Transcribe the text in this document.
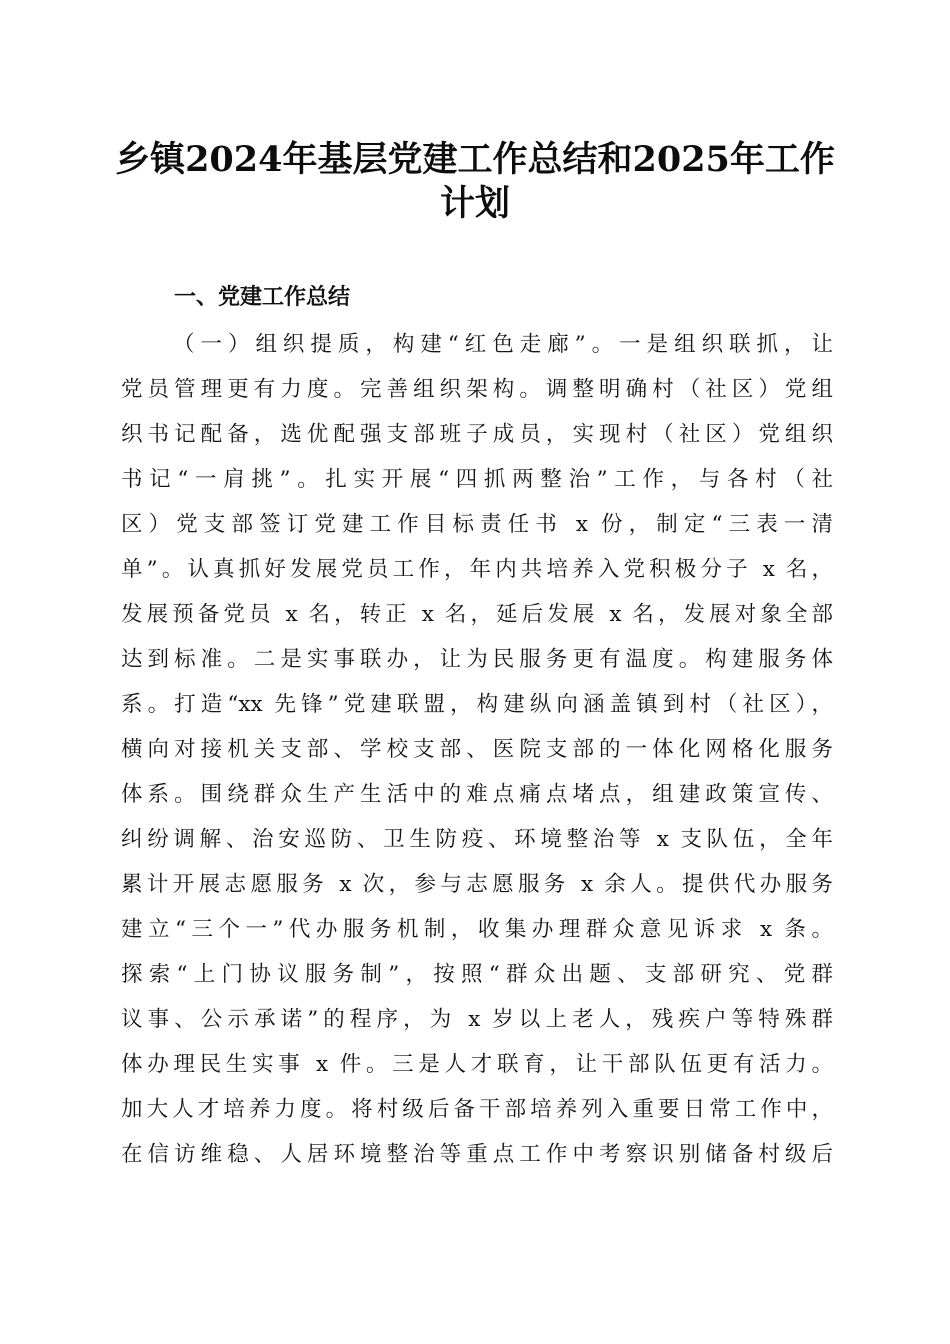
乡镇2024年基层党建工作总结和2025年工作
计划
一、党建工作总结
（一）组织提质，构建“红色走廊”。一是组织联抓，让
党员管理更有力度。完善组织架构。调整明确村（社区）党组
织书记配备，选优配强支部班子成员，实现村（社区）党组织
书记“一肩挑”。扎实开展“四抓两整治”工作，与各村（社
区）党支部签订党建工作目标责任书 x 份，制定“三表一清
单”。认真抓好发展党员工作，年内共培养入党积极分子 x 名，
发展预备党员 x 名，转正 x 名，延后发展 x 名，发展对象全部
达到标准。二是实事联办，让为民服务更有温度。构建服务体
系。打造“xx 先锋”党建联盟，构建纵向涵盖镇到村（社区），
横向对接机关支部、学校支部、医院支部的一体化网格化服务
体系。围绕群众生产生活中的难点痛点堵点，组建政策宣传、
纠纷调解、治安巡防、卫生防疫、环境整治等 x 支队伍，全年
累计开展志愿服务 x 次，参与志愿服务 x 余人。提供代办服务
建立“三个一”代办服务机制，收集办理群众意见诉求 x 条。
探索“上门协议服务制”，按照“群众出题、支部研究、党群
议事、公示承诺”的程序，为 x 岁以上老人，残疾户等特殊群
体办理民生实事 x 件。三是人才联育，让干部队伍更有活力。
加大人才培养力度。将村级后备干部培养列入重要日常工作中，
在信访维稳、人居环境整治等重点工作中考察识别储备村级后
